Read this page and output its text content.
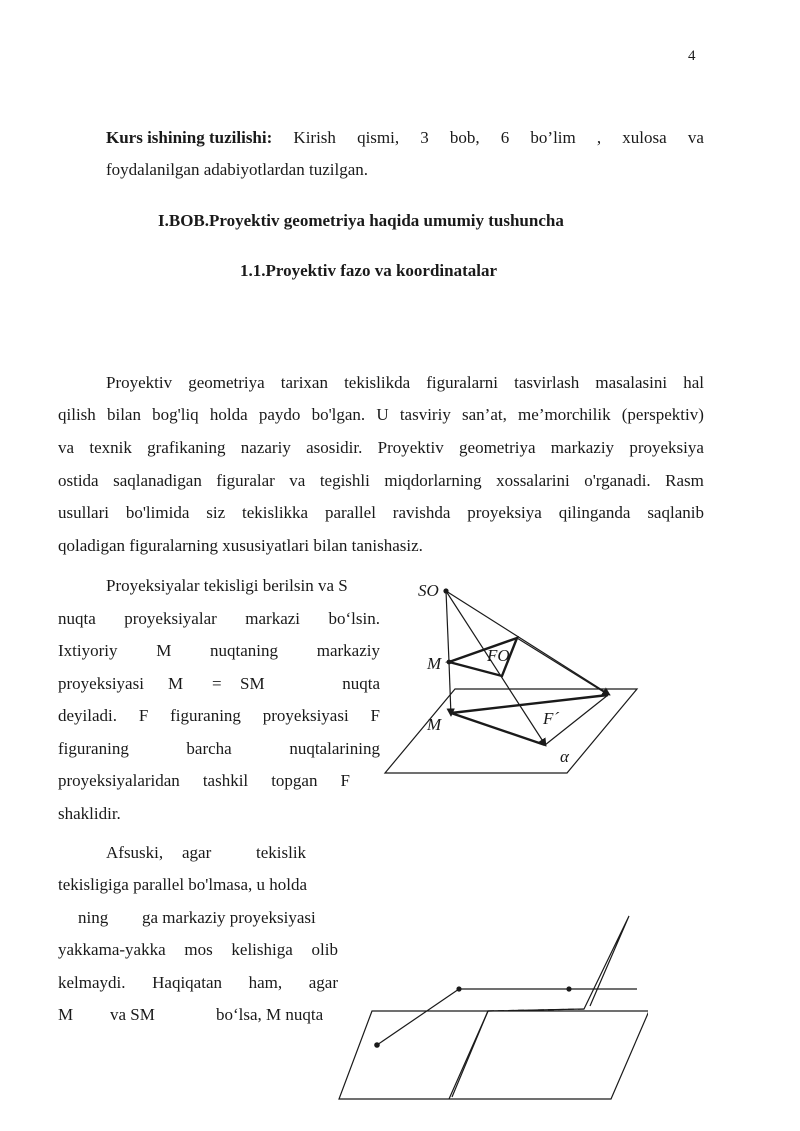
4
Kurs ishining tuzilishi: Kirish qismi, 3 bob, 6 bo’lim , xulosa va
foydalanilgan adabiyotlardan tuzilgan.
I.BOB.Proyektiv geometriya haqida umumiy tushuncha
1.1.Proyektiv fazo va koordinatalar
Proyektiv geometriya tarixan tekislikda figuralarni tasvirlash masalasini hal
qilish bilan bog'liq holda paydo bo'lgan. U tasviriy san’at, me’morchilik (perspektiv)
va texnik grafikaning nazariy asosidir. Proyektiv geometriya markaziy proyeksiya
ostida saqlanadigan figuralar va tegishli miqdorlarning xossalarini o'rganadi. Rasm
usullari bo'limida siz tekislikka parallel ravishda proyeksiya qilinganda saqlanib
qoladigan figuralarning xususiyatlari bilan tanishasiz.
Proyeksiyalar tekisligi berilsin va S
nuqta proyeksiyalar markazi bo‘lsin.
Ixtiyoriy M nuqtaning markaziy
proyeksiyasi M = SM	nuqta
deyiladi. F figuraning proyeksiyasi F
figuraning	barcha	nuqtalarining
proyeksiyalaridan tashkil topgan F
shaklidir.
Afsuski, agar	tekislik
tekisligiga parallel bo'lmasa, u holda
ning ga markaziy proyeksiyasi
yakkama-yakka mos kelishiga olib
kelmaydi. Haqiqatan ham, agar
M va SM	bo‘lsa, M nuqta
SO
M	FO
M	F´
α
